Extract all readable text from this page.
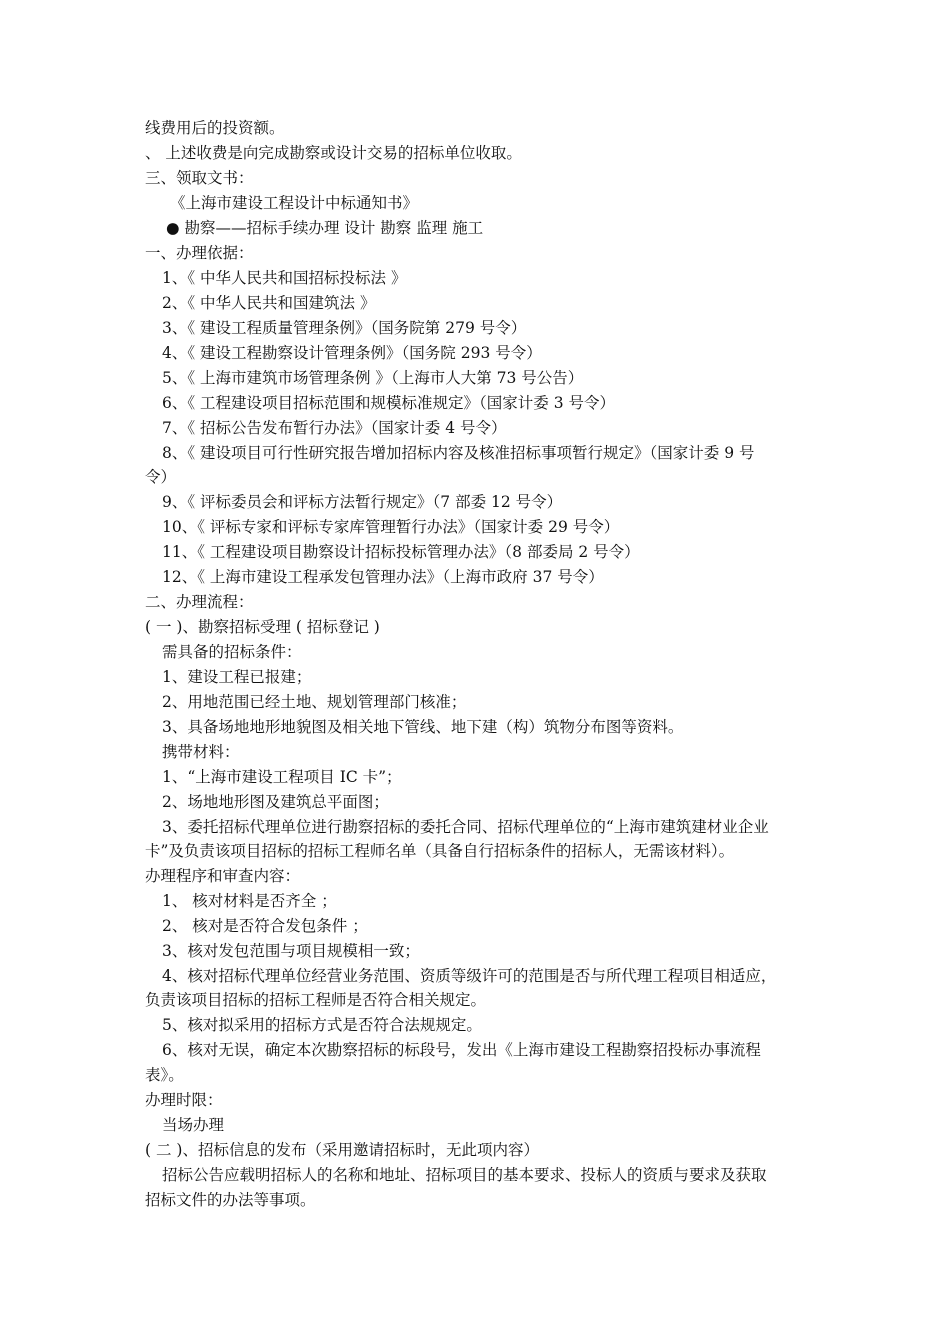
线费用后的投资额。
、 上述收费是向完成勘察或设计交易的招标单位收取。
三、领取文书：
《上海市建设工程设计中标通知书》
● 勘察——招标手续办理 设计 勘察 监理 施工
一、办理依据：
1、《 中华人民共和国招标投标法 》
2、《 中华人民共和国建筑法 》
3、《 建设工程质量管理条例》（国务院第 279 号令）
4、《 建设工程勘察设计管理条例》（国务院 293 号令）
5、《 上海市建筑市场管理条例 》（上海市人大第 73 号公告）
6、《 工程建设项目招标范围和规模标准规定》（国家计委 3 号令）
7、《 招标公告发布暂行办法》（国家计委 4 号令）
8、《 建设项目可行性研究报告增加招标内容及核准招标事项暂行规定》（国家计委 9 号
令）
9、《 评标委员会和评标方法暂行规定》（7 部委 12 号令）
10、《 评标专家和评标专家库管理暂行办法》（国家计委 29 号令）
11、《 工程建设项目勘察设计招标投标管理办法》（8 部委局 2 号令）
12、《 上海市建设工程承发包管理办法》（上海市政府 37 号令）
二、办理流程：
( 一 )、勘察招标受理 ( 招标登记 )
需具备的招标条件：
1、建设工程已报建；
2、用地范围已经土地、规划管理部门核准；
3、具备场地地形地貌图及相关地下管线、地下建（构）筑物分布图等资料。
携带材料：
1、“上海市建设工程项目 IC 卡”；
2、场地地形图及建筑总平面图；
3、委托招标代理单位进行勘察招标的委托合同、招标代理单位的“上海市建筑建材业企业
卡”及负责该项目招标的招标工程师名单（具备自行招标条件的招标人，无需该材料）。
办理程序和审查内容：
1、 核对材料是否齐全 ；
2、 核对是否符合发包条件 ；
3、核对发包范围与项目规模相一致；
4、核对招标代理单位经营业务范围、资质等级许可的范围是否与所代理工程项目相适应，
负责该项目招标的招标工程师是否符合相关规定。
5、核对拟采用的招标方式是否符合法规规定。
6、核对无误，确定本次勘察招标的标段号，发出《上海市建设工程勘察招投标办事流程
表》。
办理时限：
当场办理
( 二 )、招标信息的发布（采用邀请招标时，无此项内容）
招标公告应载明招标人的名称和地址、招标项目的基本要求、投标人的资质与要求及获取
招标文件的办法等事项。
